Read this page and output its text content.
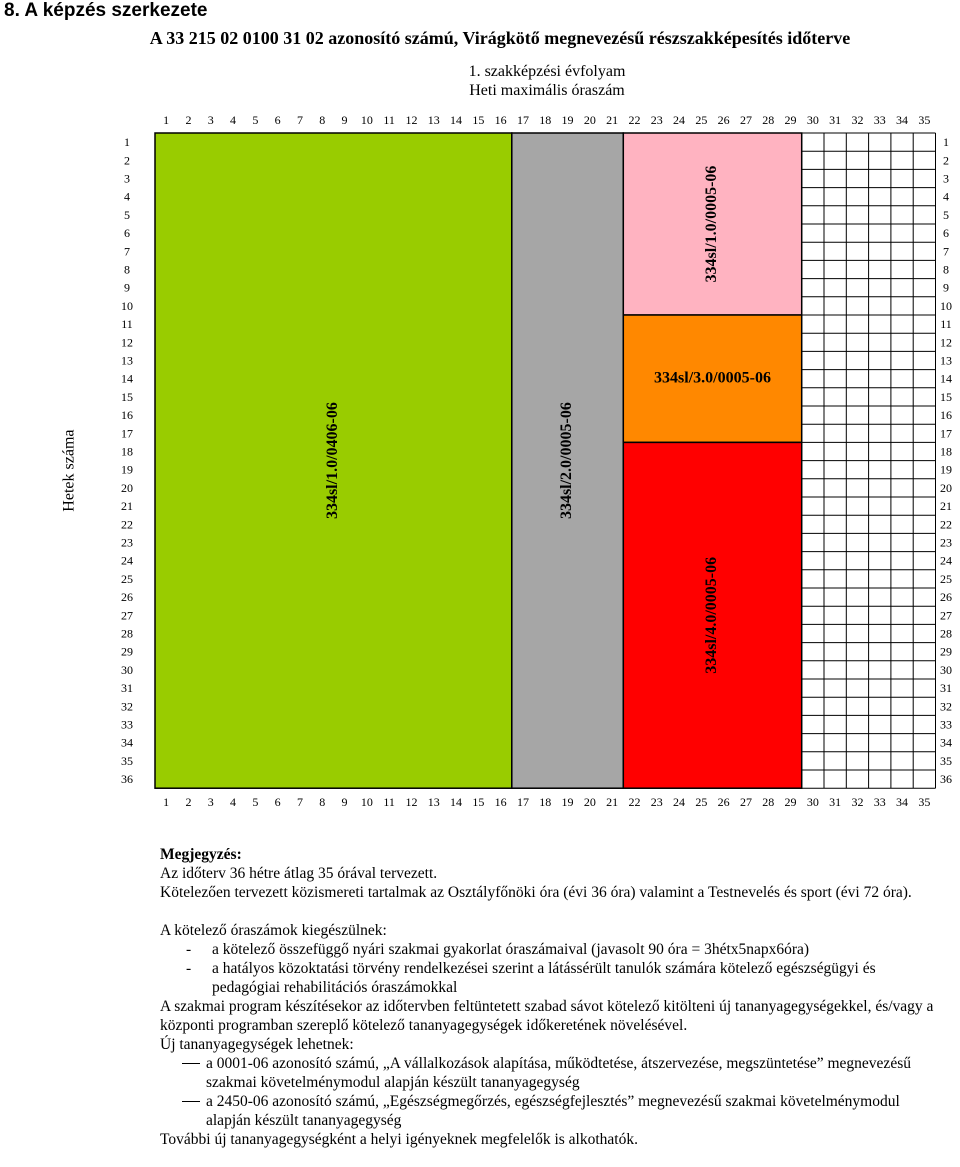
8. A képzés szerkezete
A 33 215 02 0100 31 02 azonosító számú, Virágkötő megnevezésű részszakképesítés időterve
1. szakképzési évfolyam
Heti maximális óraszám
334sl/1.0/0406-06	334sl/2.0/0005-06
334sl/1.0/0005-06
334sl/3.0/0005-06
334sl/4.0/0005-06
1
1
2
2
3
3
4
4
5
5
6
6
7
7
8
8
9
9
10
10
11
11
12
12
13
13
14
14
15
15
16
16
17
17
18
18
19
19
20
20
21
21
22
22
23
23
24
24
25
25
26
26
27
27
28
28
29
29
30
30
31
31
32
32
33
33
34
34
35
35
1	1
2	2
3	3
4	4
5	5
6	6
7	7
8	8
9	9
10	10
11	11
12	12
13	13
14	14
15	15
16	16
17	17
18	18
19	19
20	20
21	21
22	22
23	23
24	24
25	25
26	26
27	27
28	28
29	29
30	30
31	31
32	32
33	33
34	34
35	35
36	36
Hetek száma

Megjegyzés:

Az időterv 36 hétre átlag 35 órával tervezett.

Kötelezően tervezett közismereti tartalmak az Osztályfőnöki óra (évi 36 óra) valamint a Testnevelés és sport (évi 72 óra).

A kötelező óraszámok kiegészülnek:

- a kötelező összefüggő nyári szakmai gyakorlat óraszámaival (javasolt 90 óra = 3hétx5napx6óra)
- a hatályos közoktatási törvény rendelkezései szerint a látássérült tanulók számára kötelező egészségügyi és pedagógiai rehabilitációs óraszámokkal

A szakmai program készítésekor az időtervben feltüntetett szabad sávot kötelező kitölteni új tananyagegységekkel, és/vagy a központi programban szereplő kötelező tananyagegységek időkeretének növelésével.

Új tananyagegységek lehetnek:

a 0001-06 azonosító számú, „A vállalkozások alapítása, működtetése, átszervezése, megszüntetése” megnevezésű szakmai követelménymodul alapján készült tananyagegység
a 2450-06 azonosító számú, „Egészségmegőrzés, egészségfejlesztés” megnevezésű szakmai követelménymodul alapján készült tananyagegység

További új tananyagegységként a helyi igényeknek megfelelők is alkothatók.
